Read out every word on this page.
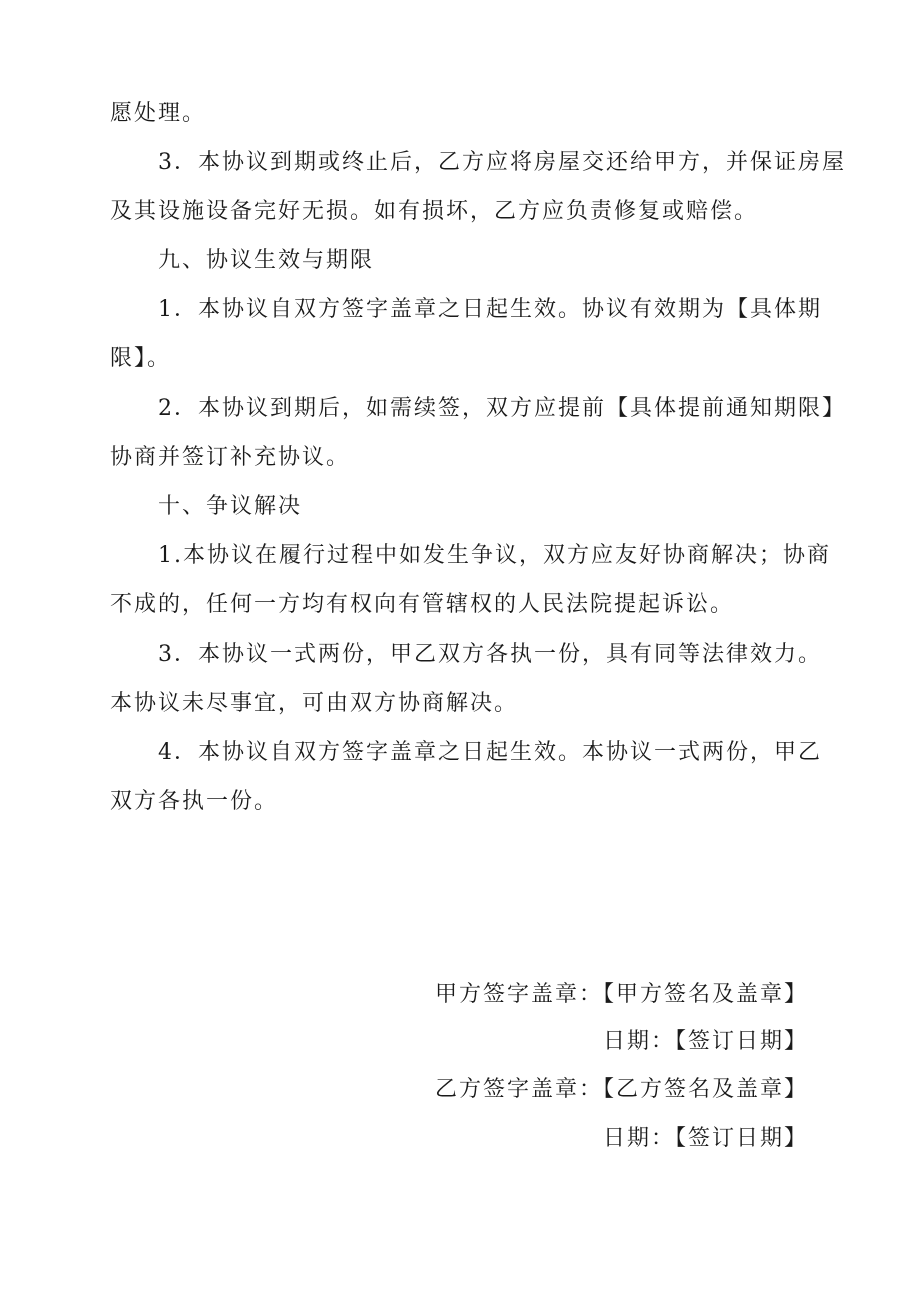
愿处理。
3．本协议到期或终止后，乙方应将房屋交还给甲方，并保证房屋
及其设施设备完好无损。如有损坏，乙方应负责修复或赔偿。
九、协议生效与期限
1．本协议自双方签字盖章之日起生效。协议有效期为【具体期
限】。
2．本协议到期后，如需续签，双方应提前【具体提前通知期限】
协商并签订补充协议。
十、争议解决
1.本协议在履行过程中如发生争议，双方应友好协商解决；协商
不成的，任何一方均有权向有管辖权的人民法院提起诉讼。
3．本协议一式两份，甲乙双方各执一份，具有同等法律效力。
本协议未尽事宜，可由双方协商解决。
4．本协议自双方签字盖章之日起生效。本协议一式两份，甲乙
双方各执一份。
甲方签字盖章：【甲方签名及盖章】
日期：【签订日期】
乙方签字盖章：【乙方签名及盖章】
日期：【签订日期】
